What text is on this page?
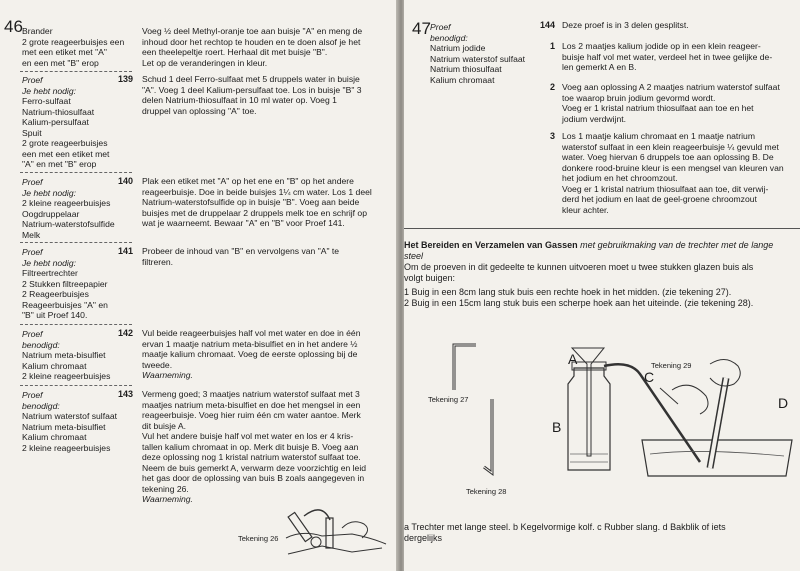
46 Brander
2 grote reageerbuisjes een
met een etiket met "A"
en een met "B" erop
Voeg ½ deel Methyl-oranje toe aan buisje "A" en meng de
inhoud door het rechtop te houden en te doen alsof je het
een theelepeltje roert. Herhaal dit met buisje "B".
Let op de veranderingen in kleur.
Proef
Je hebt nodig:
Ferro-sulfaat
Natrium-thiosulfaat
Kalium-persulfaat
Spuit
2 grote reageerbuisjes
een met een etiket met
"A" en met "B" erop
139 Schud 1 deel Ferro-sulfaat met 5 druppels water in buisje
"A". Voeg 1 deel Kalium-persulfaat toe. Los in buisje "B" 3
delen Natrium-thiosulfaat in 10 ml water op. Voeg 1
druppel van oplossing "A" toe.
Proef
Je hebt nodig:
2 kleine reageerbuisjes
Oogdruppelaar
Natrium-waterstofsulfide
Melk
140 Plak een etiket met "A" op het ene en "B" op het andere
reageerbuisje. Doe in beide buisjes 1¼ cm water. Los 1 deel
Natrium-waterstofsulfide op in buisje "B". Voeg aan beide
buisjes met de druppelaar 2 druppels melk toe en schrijf op
wat je waarneemt. Bewaar "A" en "B" voor Proef 141.
Proef
Je hebt nodig:
Filtreertrechter
2 Stukken filtreepapier
2 Reageerbuisjes
Reageerbuisjes "A" en
"B" uit Proef 140.
141 Probeer de inhoud van "B" en vervolgens van "A" te
filtreren.
Proef
benodigd:
Natrium meta-bisulfiet
Kalium chromaat
2 kleine reageerbuisjes
142 Vul beide reageerbuisjes half vol met water en doe in één
ervan 1 maatje natrium meta-bisulfiet en in het andere ½
maatje kalium chromaat. Voeg de eerste oplossing bij de
tweede.
Waarneming.
Proef
benodigd:
Natrium waterstof sulfaat
Natrium meta-bisulfiet
Kalium chromaat
2 kleine reageerbuisjes
143 Vermeng goed; 3 maatjes natrium waterstof sulfaat met 3
maatjes natrium meta-bisulfiet en doe het mengsel in een
reageerbuisje. Voeg hier ruim één cm water aantoe. Merk
dit buisje A.
Vul het andere buisje half vol met water en los er 4 kris-
tallen kalium chromaat in op. Merk dit buisje B. Voeg aan
deze oplossing nog 1 kristal natrium waterstof sulfaat toe.
Neem de buis gemerkt A, verwarm deze voorzichtig en leid
het gas door de oplossing van buis B zoals aangegeven in
tekening 26.
Waarneming.
Tekening 26
47 Proef
benodigd:
Natrium jodide
Natrium waterstof sulfaat
Natrium thiosulfaat
Kalium chromaat
144 Deze proef is in 3 delen gesplitst.
1 Los 2 maatjes kalium jodide op in een klein reageer-
buisje half vol met water, verdeel het in twee gelijke de-
len gemerkt A en B.
2 Voeg aan oplossing A 2 maatjes natrium waterstof sulfaat
toe waarop bruin jodium gevormd wordt.
Voeg er 1 kristal natrium thiosulfaat aan toe en het
jodium verdwijnt.
3 Los 1 maatje kalium chromaat en 1 maatje natrium
waterstof sulfaat in een klein reageerbuisje ¼ gevuld met
water. Voeg hiervan 6 druppels toe aan oplossing B. De
donkere rood-bruine kleur is een mengsel van kleuren van
het jodium en het chroomzout.
Voeg er 1 kristal natrium thiosulfaat aan toe, dit verwij-
derd het jodium en laat de geel-groene chroomzout
kleur achter.
Het Bereiden en Verzamelen van Gassen met gebruikmaking van de trechter met de lange
steel
Om de proeven in dit gedeelte te kunnen uitvoeren moet u twee stukken glazen buis als
volgt buigen:
1 Buig in een 8cm lang stuk buis een rechte hoek in het midden. (zie tekening 27).
2 Buig in een 15cm lang stuk buis een scherpe hoek aan het uiteinde. (zie tekening 28).
Tekening 27
Tekening 28
A
B
C
D
Tekening 29
a Trechter met lange steel. b Kegelvormige kolf. c Rubber slang. d Bakblik of iets
dergelijks
